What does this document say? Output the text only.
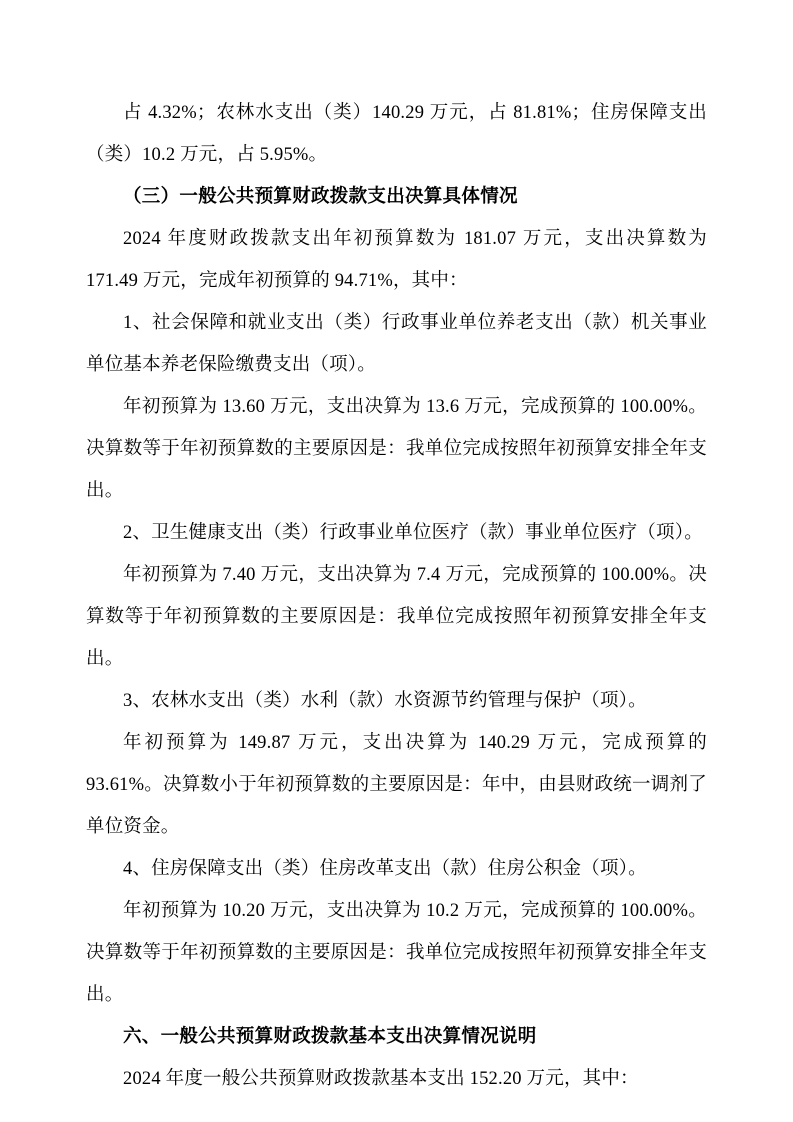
占 4.32%；农林水支出（类）140.29 万元，占 81.81%；住房保障支出（类）10.2 万元，占 5.95%。

（三）一般公共预算财政拨款支出决算具体情况

2024 年度财政拨款支出年初预算数为 181.07 万元，支出决算数为 171.49 万元，完成年初预算的 94.71%，其中：

1、社会保障和就业支出（类）行政事业单位养老支出（款）机关事业单位基本养老保险缴费支出（项）。

年初预算为 13.60 万元，支出决算为 13.6 万元，完成预算的 100.00%。决算数等于年初预算数的主要原因是：我单位完成按照年初预算安排全年支出。

2、卫生健康支出（类）行政事业单位医疗（款）事业单位医疗（项）。

年初预算为 7.40 万元，支出决算为 7.4 万元，完成预算的 100.00%。决算数等于年初预算数的主要原因是：我单位完成按照年初预算安排全年支出。

3、农林水支出（类）水利（款）水资源节约管理与保护（项）。

年初预算为 149.87 万元，支出决算为 140.29 万元，完成预算的 93.61%。决算数小于年初预算数的主要原因是：年中，由县财政统一调剂了单位资金。

4、住房保障支出（类）住房改革支出（款）住房公积金（项）。

年初预算为 10.20 万元，支出决算为 10.2 万元，完成预算的 100.00%。决算数等于年初预算数的主要原因是：我单位完成按照年初预算安排全年支出。

六、一般公共预算财政拨款基本支出决算情况说明

2024 年度一般公共预算财政拨款基本支出 152.20 万元，其中：
